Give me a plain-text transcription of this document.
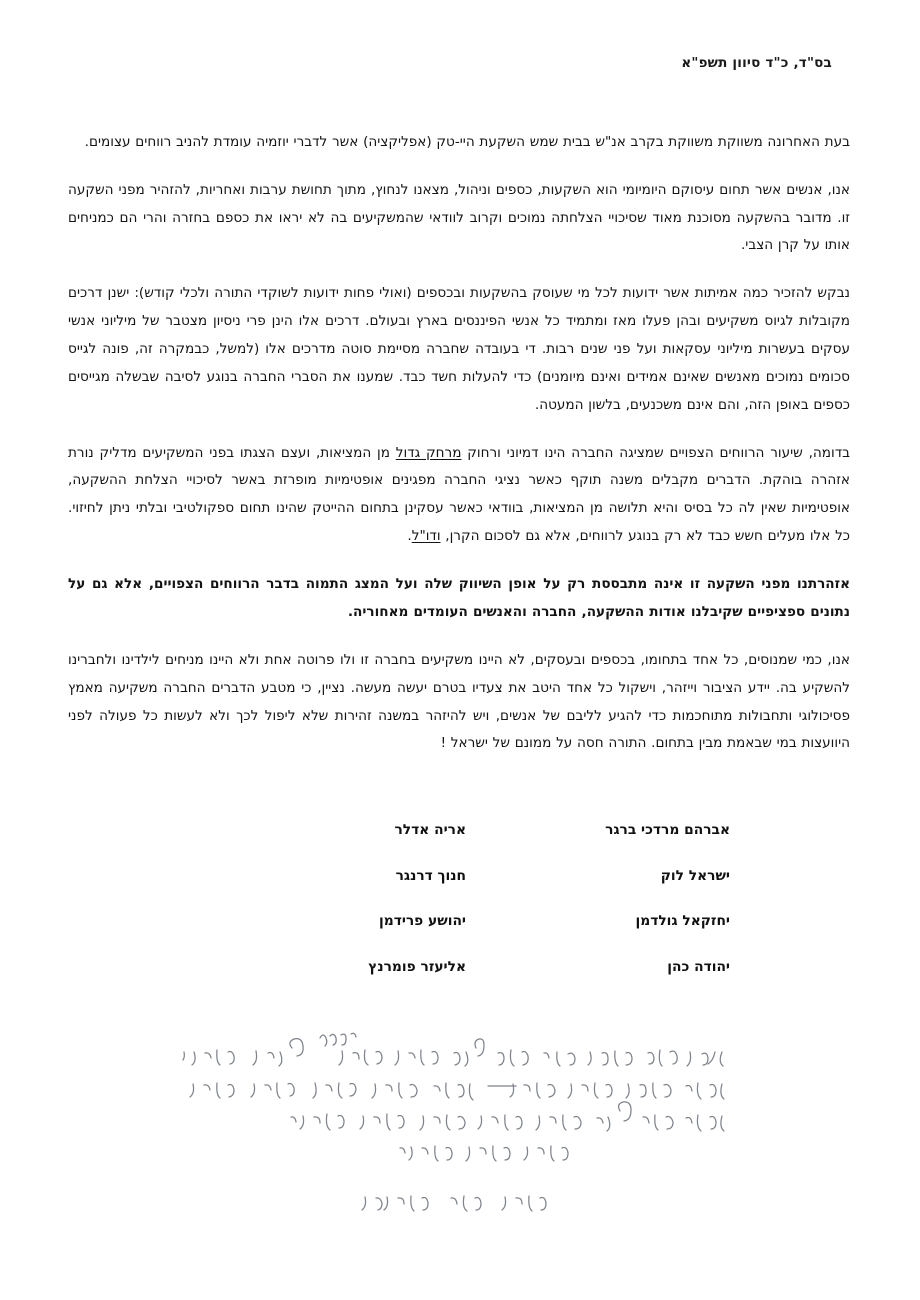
בס"ד, כ"ד סיוון תשפ"א

בעת האחרונה משווקת משווקת בקרב אנ"ש בבית שמש השקעת היי-טק (אפליקציה) אשר לדברי יוזמיה עומדת להניב רווחים עצומים.

אנו, אנשים אשר תחום עיסוקם היומיומי הוא השקעות, כספים וניהול, מצאנו לנחוץ, מתוך תחושת ערבות ואחריות, להזהיר מפני השקעה זו. מדובר בהשקעה מסוכנת מאוד שסיכויי הצלחתה נמוכים וקרוב לוודאי שהמשקיעים בה לא יראו את כספם בחזרה והרי הם כמניחים אותו על קרן הצבי.

נבקש להזכיר כמה אמיתות אשר ידועות לכל מי שעוסק בהשקעות ובכספים (ואולי פחות ידועות לשוקדי התורה ולכלי קודש): ישנן דרכים מקובלות לגיוס משקיעים ובהן פעלו מאז ומתמיד כל אנשי הפיננסים בארץ ובעולם. דרכים אלו הינן פרי ניסיון מצטבר של מיליוני אנשי עסקים בעשרות מיליוני עסקאות ועל פני שנים רבות. די בעובדה שחברה מסיימת סוטה מדרכים אלו (למשל, כבמקרה זה, פונה לגייס סכומים נמוכים מאנשים שאינם אמידים ואינם מיומנים) כדי להעלות חשד כבד. שמענו את הסברי החברה בנוגע לסיבה שבשלה מגייסים כספים באופן הזה, והם אינם משכנעים, בלשון המעטה.

בדומה, שיעור הרווחים הצפויים שמציגה החברה הינו דמיוני ורחוק מרחק גדול מן המציאות, ועצם הצגתו בפני המשקיעים מדליק נורת אזהרה בוהקת. הדברים מקבלים משנה תוקף כאשר נציגי החברה מפגינים אופטימיות מופרזת באשר לסיכויי הצלחת ההשקעה, אופטימיות שאין לה כל בסיס והיא תלושה מן המציאות, בוודאי כאשר עסקינן בתחום ההייטק שהינו תחום ספקולטיבי ובלתי ניתן לחיזוי. כל אלו מעלים חשש כבד לא רק בנוגע לרווחים, אלא גם לסכום הקרן, ודו"ל.

אזהרתנו מפני השקעה זו אינה מתבססת רק על אופן השיווק שלה ועל המצג התמוה בדבר הרווחים הצפויים, אלא גם על נתונים ספציפיים שקיבלנו אודות ההשקעה, החברה והאנשים העומדים מאחוריה.

אנו, כמי שמנוסים, כל אחד בתחומו, בכספים ובעסקים, לא היינו משקיעים בחברה זו ולו פרוטה אחת ולא היינו מניחים לילדינו ולחברינו להשקיע בה. יידע הציבור וייזהר, וישקול כל אחד היטב את צעדיו בטרם יעשה מעשה. נציין, כי מטבע הדברים החברה משקיעה מאמץ פסיכולוגי ותחבולות מתוחכמות כדי להגיע לליבם של אנשים, ויש להיזהר במשנה זהירות שלא ליפול לכך ולא לעשות כל פעולה לפני היוועצות במי שבאמת מבין בתחום. התורה חסה על ממונם של ישראל !

אברהם מרדכי ברגר
ישראל לוק
יחזקאל גולדמן
יהודה כהן
אריה אדלר
חנוך דרנגר
יהושע פרידמן
אליעזר פומרנץ
